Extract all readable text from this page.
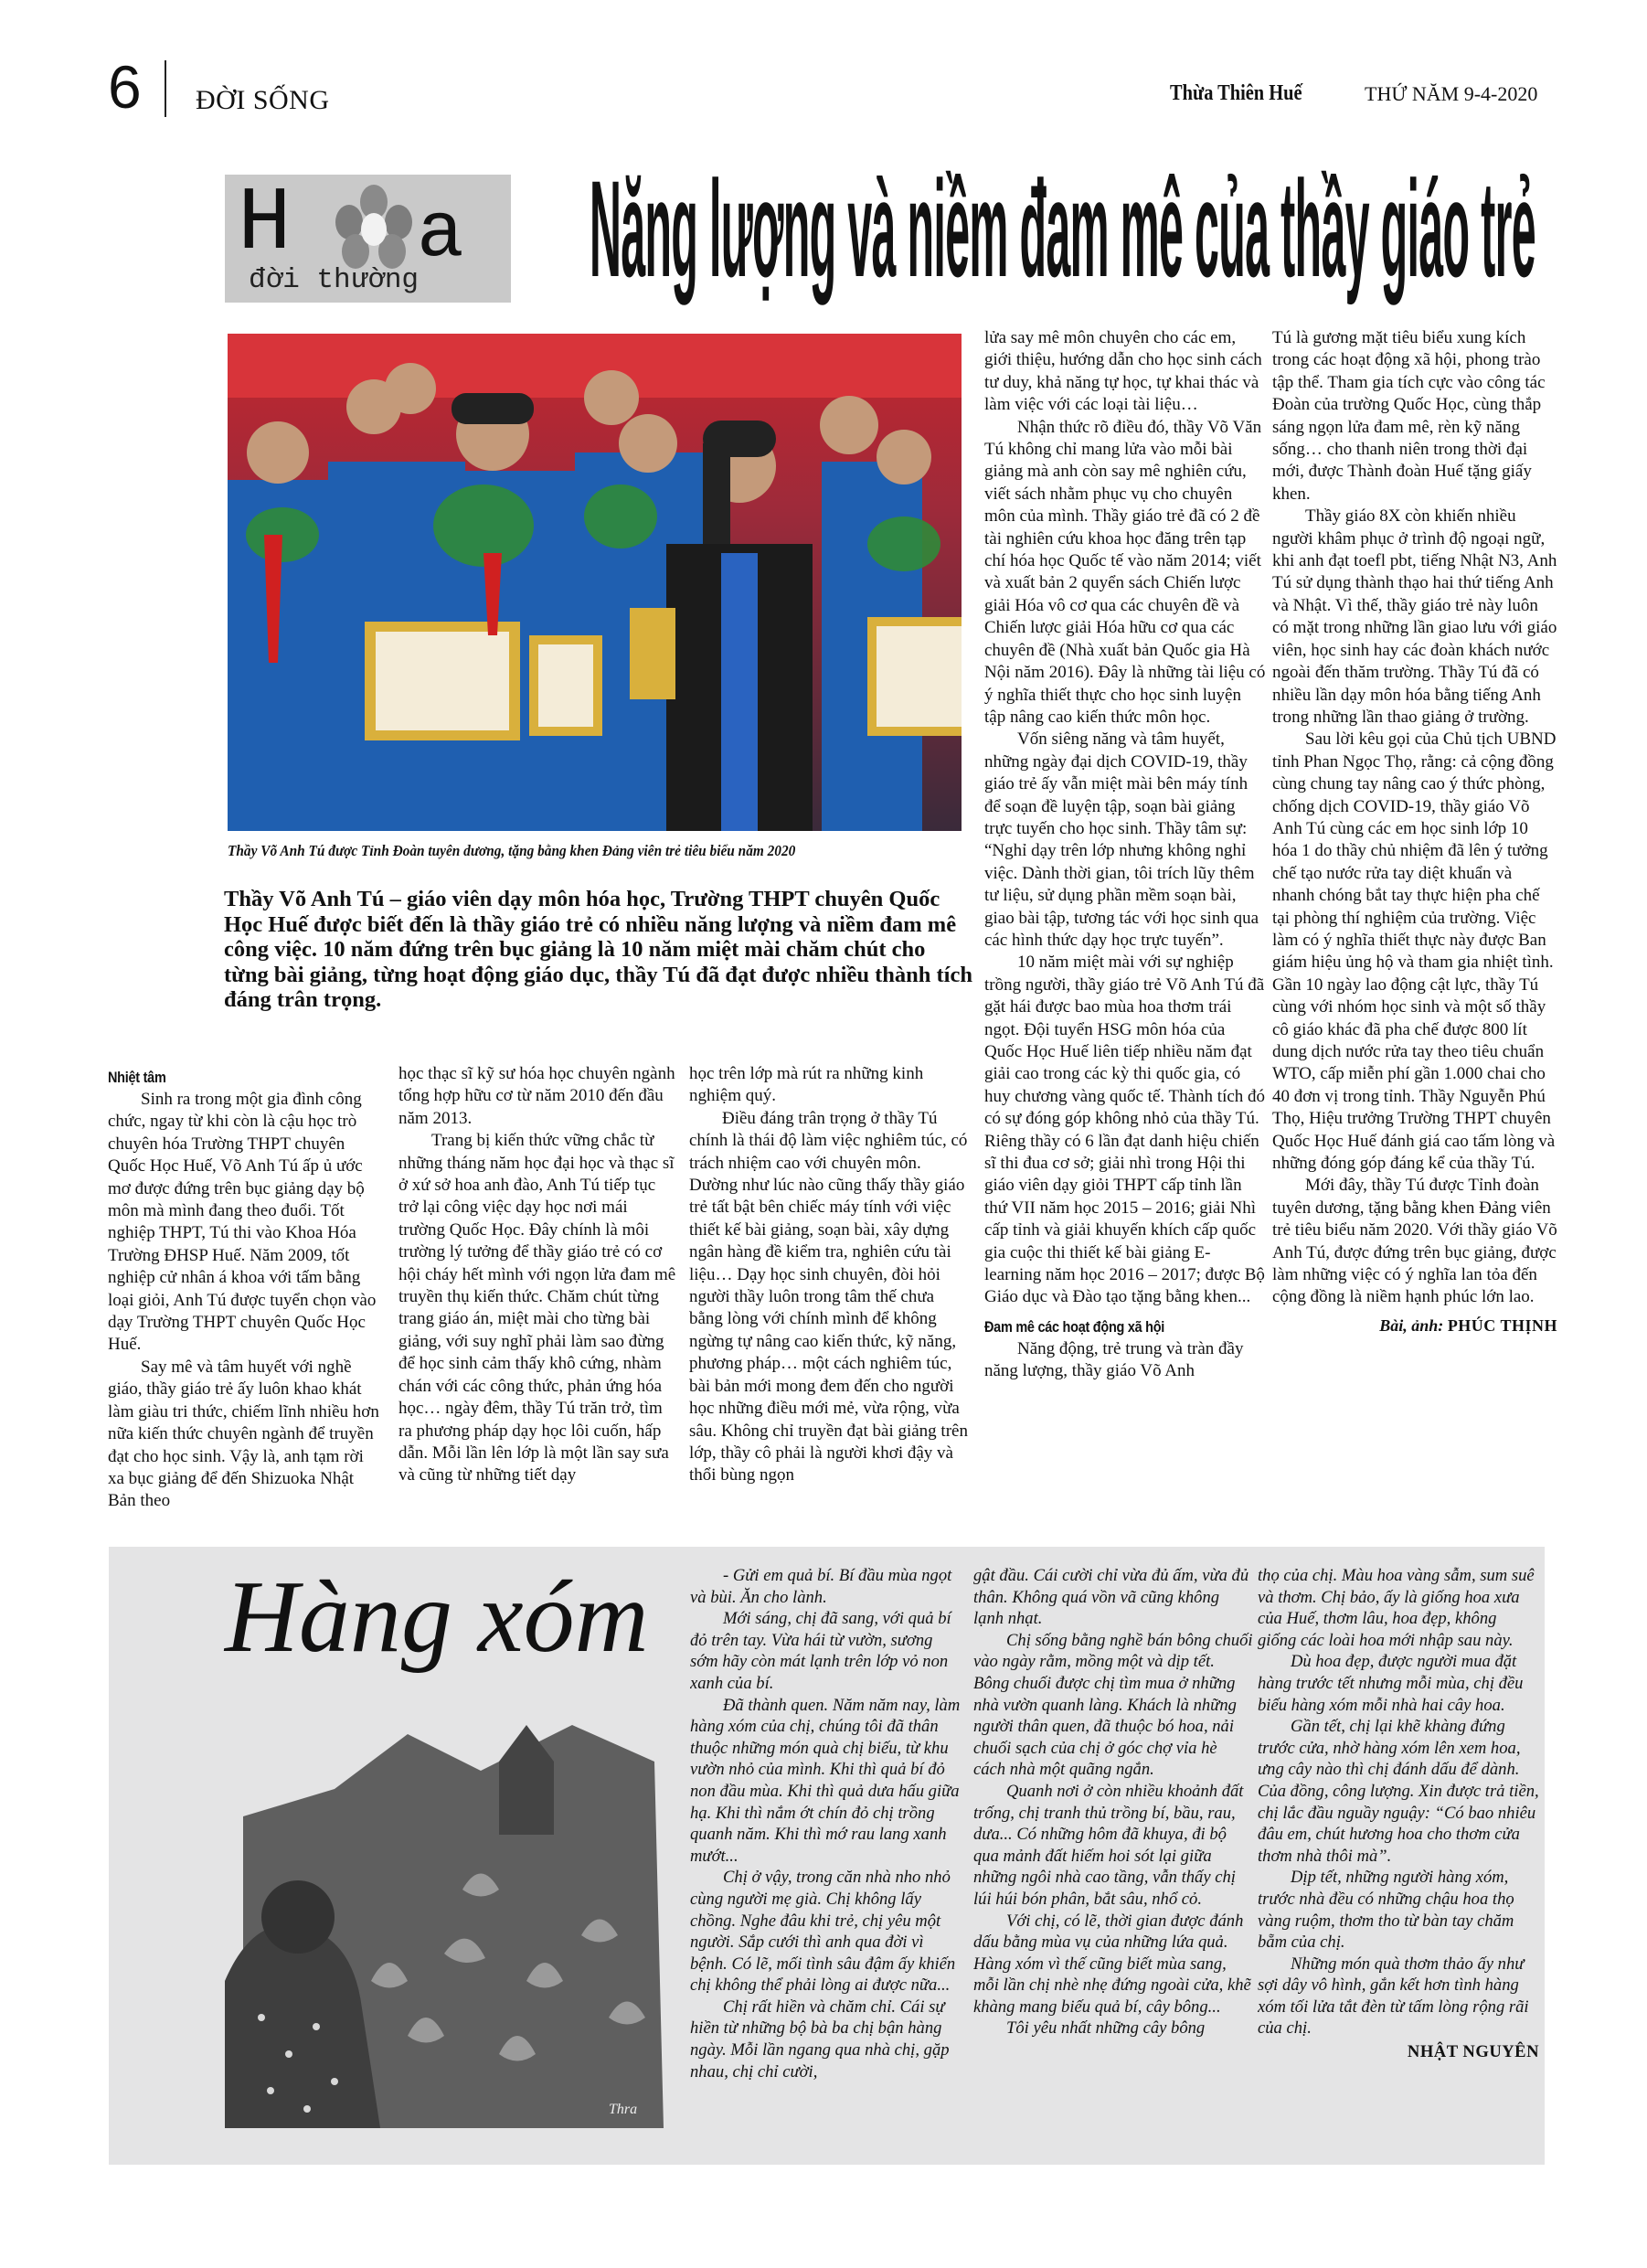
6 ĐỜI SỐNG	Thừa Thiên Huế	THỨ NĂM 9-4-2020
H a
đời thường Năng lượng và niềm đam mê của thầy giáo trẻ
Thầy Võ Anh Tú được Tỉnh Đoàn tuyên dương, tặng bằng khen Đảng viên trẻ tiêu biểu năm 2020
Thầy Võ Anh Tú – giáo viên dạy môn hóa học, Trường THPT chuyên Quốc Học Huế được biết đến là thầy giáo trẻ có nhiều năng lượng và niềm đam mê công việc. 10 năm đứng trên bục giảng là 10 năm miệt mài chăm chút cho từng bài giảng, từng hoạt động giáo dục, thầy Tú đã đạt được nhiều thành tích đáng trân trọng.
Nhiệt tâm

Sinh ra trong một gia đình công chức, ngay từ khi còn là cậu học trò chuyên hóa Trường THPT chuyên Quốc Học Huế, Võ Anh Tú ấp ủ ước mơ được đứng trên bục giảng dạy bộ môn mà mình đang theo đuổi. Tốt nghiệp THPT, Tú thi vào Khoa Hóa Trường ĐHSP Huế. Năm 2009, tốt nghiệp cử nhân á khoa với tấm bằng loại giỏi, Anh Tú được tuyển chọn vào dạy Trường THPT chuyên Quốc Học Huế.

Say mê và tâm huyết với nghề giáo, thầy giáo trẻ ấy luôn khao khát làm giàu tri thức, chiếm lĩnh nhiều hơn nữa kiến thức chuyên ngành để truyền đạt cho học sinh. Vậy là, anh tạm rời xa bục giảng để đến Shizuoka Nhật Bản theo

học thạc sĩ kỹ sư hóa học chuyên ngành tổng hợp hữu cơ từ năm 2010 đến đầu năm 2013.

Trang bị kiến thức vững chắc từ những tháng năm học đại học và thạc sĩ ở xứ sở hoa anh đào, Anh Tú tiếp tục trở lại công việc dạy học nơi mái trường Quốc Học. Đây chính là môi trường lý tưởng để thầy giáo trẻ có cơ hội cháy hết mình với ngọn lửa đam mê truyền thụ kiến thức. Chăm chút từng trang giáo án, miệt mài cho từng bài giảng, với suy nghĩ phải làm sao đừng để học sinh cảm thấy khô cứng, nhàm chán với các công thức, phản ứng hóa học… ngày đêm, thầy Tú trăn trở, tìm ra phương pháp dạy học lôi cuốn, hấp dẫn. Mỗi lần lên lớp là một lần say sưa và cũng từ những tiết dạy

học trên lớp mà rút ra những kinh nghiệm quý.

Điều đáng trân trọng ở thầy Tú chính là thái độ làm việc nghiêm túc, có trách nhiệm cao với chuyên môn. Dường như lúc nào cũng thấy thầy giáo trẻ tất bật bên chiếc máy tính với việc thiết kế bài giảng, soạn bài, xây dựng ngân hàng đề kiểm tra, nghiên cứu tài liệu… Dạy học sinh chuyên, đòi hỏi người thầy luôn trong tâm thế chưa bằng lòng với chính mình để không ngừng tự nâng cao kiến thức, kỹ năng, phương pháp… một cách nghiêm túc, bài bản mới mong đem đến cho người học những điều mới mẻ, vừa rộng, vừa sâu. Không chỉ truyền đạt bài giảng trên lớp, thầy cô phải là người khơi đậy và thổi bùng ngọn

lửa say mê môn chuyên cho các em, giới thiệu, hướng dẫn cho học sinh cách tư duy, khả năng tự học, tự khai thác và làm việc với các loại tài liệu…

Nhận thức rõ điều đó, thầy Võ Văn Tú không chỉ mang lửa vào mỗi bài giảng mà anh còn say mê nghiên cứu, viết sách nhằm phục vụ cho chuyên môn của mình. Thầy giáo trẻ đã có 2 đề tài nghiên cứu khoa học đăng trên tạp chí hóa học Quốc tế vào năm 2014; viết và xuất bản 2 quyển sách Chiến lược giải Hóa vô cơ qua các chuyên đề và Chiến lược giải Hóa hữu cơ qua các chuyên đề (Nhà xuất bản Quốc gia Hà Nội năm 2016). Đây là những tài liệu có ý nghĩa thiết thực cho học sinh luyện tập nâng cao kiến thức môn học.

Vốn siêng năng và tâm huyết, những ngày đại dịch COVID-19, thầy giáo trẻ ấy vẫn miệt mài bên máy tính để soạn đề luyện tập, soạn bài giảng trực tuyến cho học sinh. Thầy tâm sự: “Nghỉ dạy trên lớp nhưng không nghỉ việc. Dành thời gian, tôi trích lũy thêm tư liệu, sử dụng phần mềm soạn bài, giao bài tập, tương tác với học sinh qua các hình thức dạy học trực tuyến”.

10 năm miệt mài với sự nghiệp trồng người, thầy giáo trẻ Võ Anh Tú đã gặt hái được bao mùa hoa thơm trái ngọt. Đội tuyển HSG môn hóa của Quốc Học Huế liên tiếp nhiều năm đạt giải cao trong các kỳ thi quốc gia, có huy chương vàng quốc tế. Thành tích đó có sự đóng góp không nhỏ của thầy Tú. Riêng thầy có 6 lần đạt danh hiệu chiến sĩ thi đua cơ sở; giải nhì trong Hội thi giáo viên dạy giỏi THPT cấp tỉnh lần thứ VII năm học 2015 – 2016; giải Nhì cấp tỉnh và giải khuyến khích cấp quốc gia cuộc thi thiết kế bài giảng E-learning năm học 2016 – 2017; được Bộ Giáo dục và Đào tạo tặng bằng khen...

Đam mê các hoạt động xã hội

Năng động, trẻ trung và tràn đầy năng lượng, thầy giáo Võ Anh

Tú là gương mặt tiêu biểu xung kích trong các hoạt động xã hội, phong trào tập thể. Tham gia tích cực vào công tác Đoàn của trường Quốc Học, cùng thắp sáng ngọn lửa đam mê, rèn kỹ năng sống… cho thanh niên trong thời đại mới, được Thành đoàn Huế tặng giấy khen.

Thầy giáo 8X còn khiến nhiều người khâm phục ở trình độ ngoại ngữ, khi anh đạt toefl pbt, tiếng Nhật N3, Anh Tú sử dụng thành thạo hai thứ tiếng Anh và Nhật. Vì thế, thầy giáo trẻ này luôn có mặt trong những lần giao lưu với giáo viên, học sinh hay các đoàn khách nước ngoài đến thăm trường. Thầy Tú đã có nhiều lần dạy môn hóa bằng tiếng Anh trong những lần thao giảng ở trường.

Sau lời kêu gọi của Chủ tịch UBND tỉnh Phan Ngọc Thọ, rằng: cả cộng đồng cùng chung tay nâng cao ý thức phòng, chống dịch COVID-19, thầy giáo Võ Anh Tú cùng các em học sinh lớp 10 hóa 1 do thầy chủ nhiệm đã lên ý tưởng chế tạo nước rửa tay diệt khuẩn và nhanh chóng bắt tay thực hiện pha chế tại phòng thí nghiệm của trường. Việc làm có ý nghĩa thiết thực này được Ban giám hiệu ủng hộ và tham gia nhiệt tình. Gần 10 ngày lao động cật lực, thầy Tú cùng với nhóm học sinh và một số thầy cô giáo khác đã pha chế được 800 lít dung dịch nước rửa tay theo tiêu chuẩn WTO, cấp miễn phí gần 1.000 chai cho 40 đơn vị trong tỉnh. Thầy Nguyễn Phú Thọ, Hiệu trưởng Trường THPT chuyên Quốc Học Huế đánh giá cao tấm lòng và những đóng góp đáng kể của thầy Tú.

Mới đây, thầy Tú được Tỉnh đoàn tuyên dương, tặng bằng khen Đảng viên trẻ tiêu biểu năm 2020. Với thầy giáo Võ Anh Tú, được đứng trên bục giảng, được làm những việc có ý nghĩa lan tỏa đến cộng đồng là niềm hạnh phúc lớn lao.

Bài, ảnh: PHÚC THỊNH
Hàng xóm
Thra

- Gửi em quả bí. Bí đầu mùa ngọt và bùi. Ăn cho lành.

Mới sáng, chị đã sang, với quả bí đỏ trên tay. Vừa hái từ vườn, sương sớm hãy còn mát lạnh trên lớp vỏ non xanh của bí.

Đã thành quen. Năm năm nay, làm hàng xóm của chị, chúng tôi đã thân thuộc những món quà chị biếu, từ khu vườn nhỏ của mình. Khi thì quả bí đỏ non đầu mùa. Khi thì quả dưa hấu giữa hạ. Khi thì nắm ớt chín đỏ chị trồng quanh năm. Khi thì mớ rau lang xanh mướt...

Chị ở vậy, trong căn nhà nho nhỏ cùng người mẹ già. Chị không lấy chồng. Nghe đâu khi trẻ, chị yêu một người. Sắp cưới thì anh qua đời vì bệnh. Có lẽ, mối tình sâu đậm ấy khiến chị không thể phải lòng ai được nữa...

Chị rất hiền và chăm chỉ. Cái sự hiền từ những bộ bà ba chị bận hàng ngày. Mỗi lần ngang qua nhà chị, gặp nhau, chị chỉ cười,

gật đầu. Cái cười chỉ vừa đủ ấm, vừa đủ thân. Không quá vồn vã cũng không lạnh nhạt.

Chị sống bằng nghề bán bông chuối vào ngày rằm, mồng một và dịp tết. Bông chuối được chị tìm mua ở những nhà vườn quanh làng. Khách là những người thân quen, đã thuộc bó hoa, nải chuối sạch của chị ở góc chợ vỉa hè cách nhà một quãng ngắn.

Quanh nơi ở còn nhiều khoảnh đất trống, chị tranh thủ trồng bí, bầu, rau, dưa... Có những hôm đã khuya, đi bộ qua mảnh đất hiếm hoi sót lại giữa những ngôi nhà cao tầng, vẫn thấy chị lúi húi bón phân, bắt sâu, nhổ cỏ.

Với chị, có lẽ, thời gian được đánh dấu bằng mùa vụ của những lứa quả. Hàng xóm vì thế cũng biết mùa sang, mỗi lần chị nhè nhẹ đứng ngoài cửa, khẽ khàng mang biếu quả bí, cây bông...

Tôi yêu nhất những cây bông

thọ của chị. Màu hoa vàng sẫm, sum suê và thơm. Chị bảo, ấy là giống hoa xưa của Huế, thơm lâu, hoa đẹp, không giống các loài hoa mới nhập sau này.

Dù hoa đẹp, được người mua đặt hàng trước tết nhưng mỗi mùa, chị đều biếu hàng xóm mỗi nhà hai cây hoa.

Gần tết, chị lại khẽ khàng đứng trước cửa, nhờ hàng xóm lên xem hoa, ưng cây nào thì chị đánh dấu để dành. Của đồng, công lượng. Xin được trả tiền, chị lắc đầu nguầy nguậy: “Có bao nhiêu đâu em, chút hương hoa cho thơm cửa thơm nhà thôi mà”.

Dịp tết, những người hàng xóm, trước nhà đều có những chậu hoa thọ vàng ruộm, thơm tho từ bàn tay chăm bẵm của chị.

Những món quà thơm thảo ấy như sợi dây vô hình, gắn kết hơn tình hàng xóm tối lửa tắt đèn từ tấm lòng rộng rãi của chị.

NHẬT NGUYÊN
